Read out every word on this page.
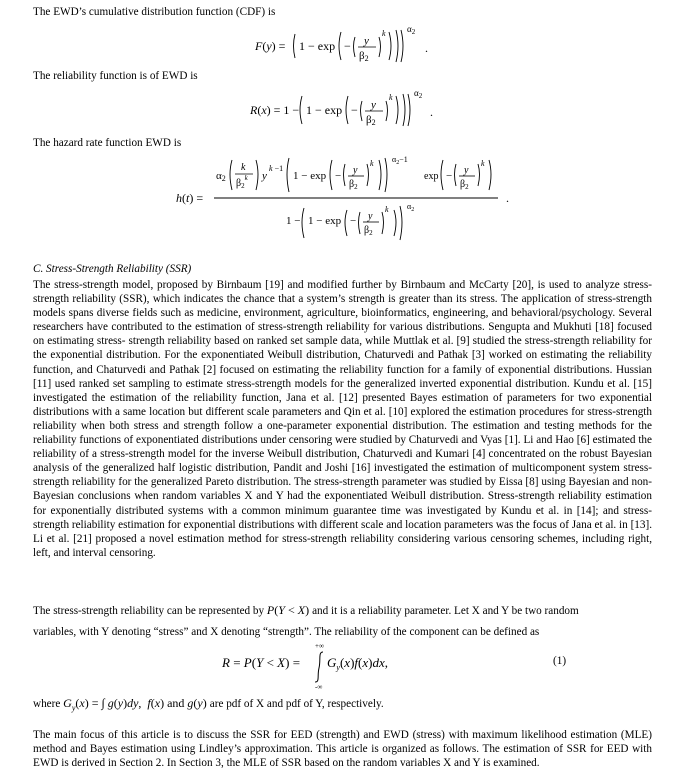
The EWD’s cumulative distribution function (CDF) is
F(y) = 1 − exp − y
β2
k $\alpha_2$
.
The reliability function is of EWD is
R(x) = 1 − 1 − exp − y
β2
k $\alpha_2$
.
The hazard rate function EWD is
h(t) =
α2
k
$\beta_2^k$ y
k −1
1 − exp − y
$\beta_2$
k $\alpha_2-1$
exp − y
$\beta_2$
k
1 − 1 − exp − y
$\beta_2$
k $\alpha_2$
.
C. Stress-Strength Reliability (SSR)
The stress-strength model, proposed by Birnbaum [19] and modified further by Birnbaum and McCarty [20], is used to analyze stress-strength reliability (SSR), which indicates the chance that a system’s strength is greater than its stress. The application of stress-strength models spans diverse fields such as medicine, environment, agriculture, bioinformatics, engineering, and behavioral/psychology. Several researchers have contributed to the estimation of stress-strength reliability for various distributions. Sengupta and Mukhuti [18] focused on estimating stress- strength reliability based on ranked set sample data, while Muttlak et al. [9] studied the stress-strength reliability for the exponential distribution. For the exponentiated Weibull distribution, Chaturvedi and Pathak [3] worked on estimating the reliability function, and Chaturvedi and Pathak [2] focused on estimating the reliability function for a family of exponential distributions. Hussian [11] used ranked set sampling to estimate stress-strength models for the generalized inverted exponential distribution. Kundu et al. [15] investigated the estimation of the reliability function, Jana et al. [12] presented Bayes estimation of parameters for two exponential distributions with a same location but different scale parameters and Qin et al. [10] explored the estimation procedures for stress-strength reliability when both stress and strength follow a one-parameter exponential distribution. The estimation and testing methods for the reliability functions of exponentiated distributions under censoring were studied by Chaturvedi and Vyas [1]. Li and Hao [6] estimated the reliability of a stress-strength model for the inverse Weibull distribution, Chaturvedi and Kumari [4] concentrated on the robust Bayesian analysis of the generalized half logistic distribution, Pandit and Joshi [16] investigated the estimation of multicomponent system stress- strength reliability for the generalized Pareto distribution. The stress-strength parameter was studied by Eissa [8] using Bayesian and non-Bayesian conclusions when random variables X and Y had the exponentiated Weibull distribution. Stress-strength reliability estimation for exponentially distributed systems with a common minimum guarantee time was investigated by Kundu et al. in [14]; and stress-strength reliability estimation for exponential distributions with different scale and location parameters was the focus of Jana et al. in [13]. Li et al. [21] proposed a novel estimation method for stress-strength reliability considering various censoring schemes, including right, left, and interval censoring.
The stress-strength reliability can be represented by P(Y < X) and it is a reliability parameter. Let X and Y be two random
variables, with Y denoting “stress” and X denoting “strength”. The reliability of the component can be defined as
R = P(Y < X) =
+∞
-∞
$G_y(x)f(x)dx$,	(1)
where $G_y(x)$ = ∫ g(y)dy,  f(x) and g(y) are pdf of X and pdf of Y, respectively.
The main focus of this article is to discuss the SSR for EED (strength) and EWD (stress) with maximum likelihood estimation (MLE) method and Bayes estimation using Lindley’s approximation. This article is organized as follows. The estimation of SSR for EED with EWD is derived in Section 2. In Section 3, the MLE of SSR based on the random variables X and Y is examined.
